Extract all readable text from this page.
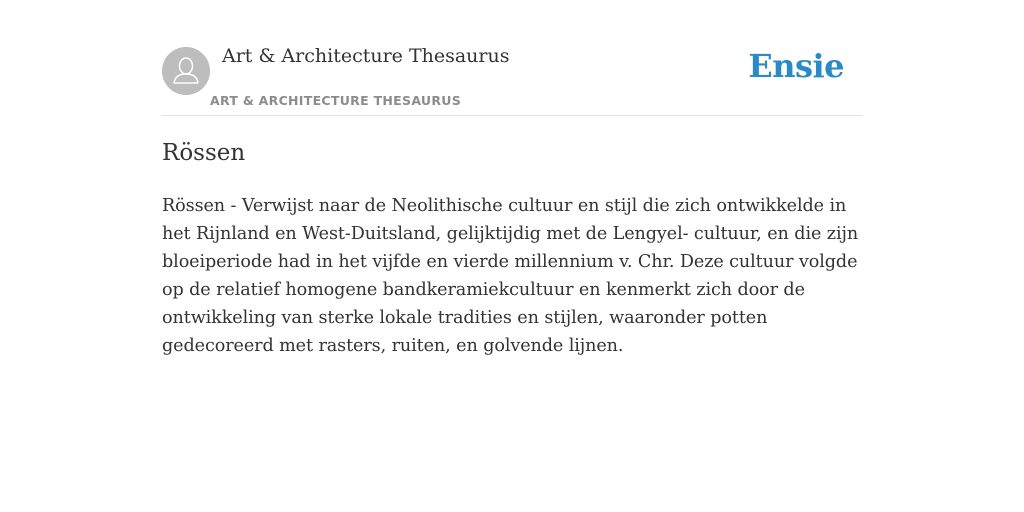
Art & Architecture Thesaurus
ART & ARCHITECTURE THESAURUS
Ensie
Rössen

Rössen - Verwijst naar de Neolithische cultuur en stijl die zich ontwikkelde in het Rijnland en West-Duitsland, gelijktijdig met de Lengyel- cultuur, en die zijn bloeiperiode had in het vijfde en vierde millennium v. Chr. Deze cultuur volgde op de relatief homogene bandkeramiekcultuur en kenmerkt zich door de ontwikkeling van sterke lokale tradities en stijlen, waaronder potten gedecoreerd met rasters, ruiten, en golvende lijnen.
